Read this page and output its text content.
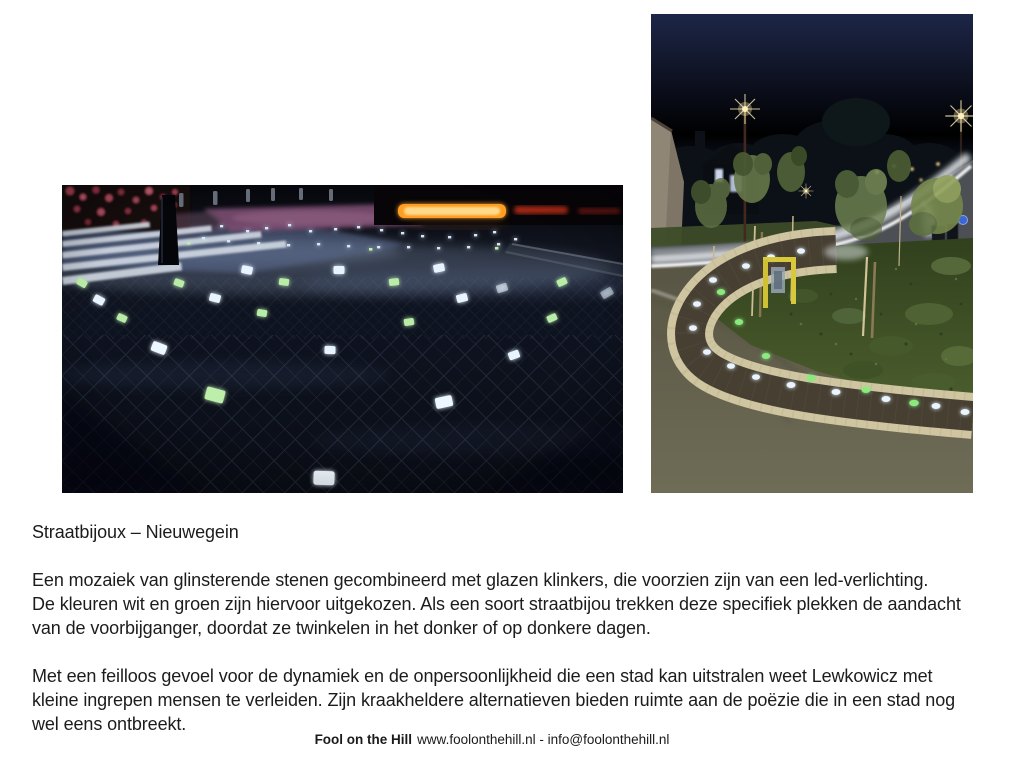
Straatbijoux – Nieuwegein
Een mozaiek van glinsterende stenen gecombineerd met glazen klinkers, die voorzien zijn van een led-verlichting.
De kleuren wit en groen zijn hiervoor uitgekozen. Als een soort straatbijou trekken deze specifiek plekken de aandacht
van de voorbijganger, doordat ze twinkelen in het donker of op donkere dagen.
Met een feilloos gevoel voor de dynamiek en de onpersoonlijkheid die een stad kan uitstralen weet Lewkowicz met
kleine ingrepen mensen te verleiden. Zijn kraakheldere alternatieven bieden ruimte aan de poëzie die in een stad nog
wel eens ontbreekt.
Fool on the Hill www.foolonthehill.nl - info@foolonthehill.nl
